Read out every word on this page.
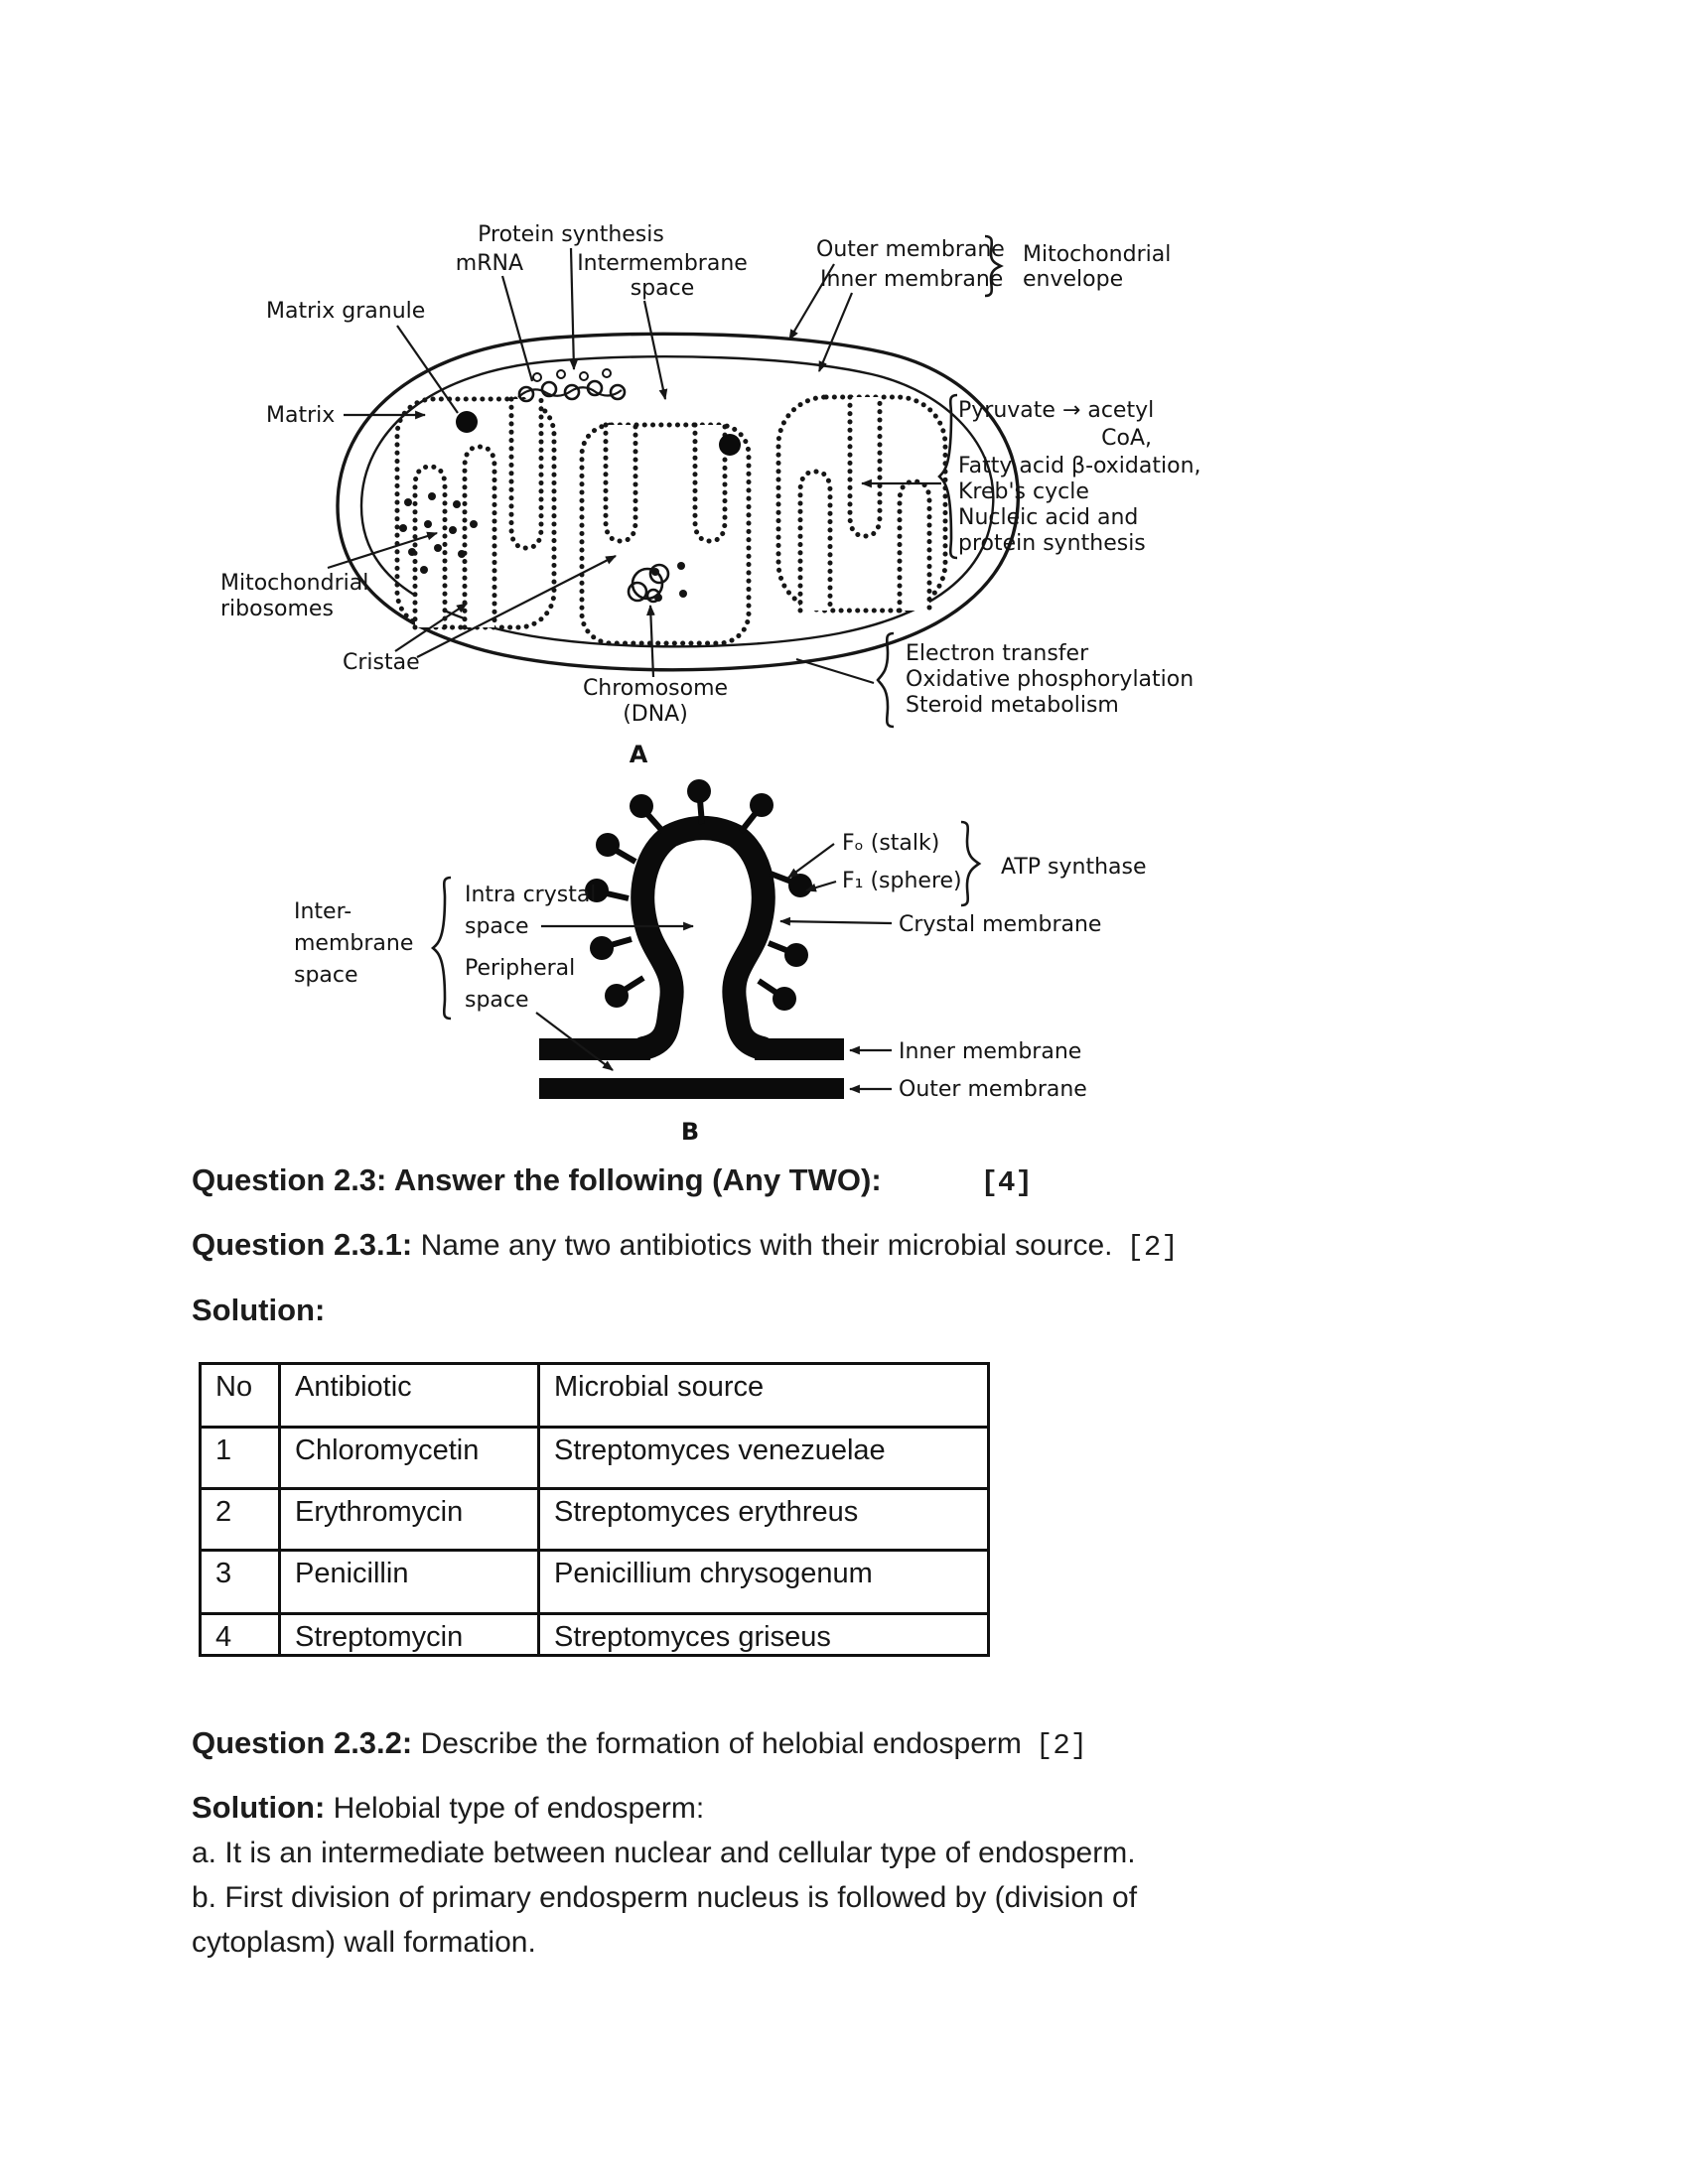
Protein synthesis
mRNA Intermembrane
space
Outer membrane
Inner membrane
Mitochondrial
envelope
Matrix granule
Matrix	Pyruvate → acetyl
CoA,
Fatty acid β-oxidation,
Kreb's cycle
Nucleic acid and
protein synthesis
Mitochondrial
ribosomes
Cristae
Chromosome
(DNA)
Electron transfer
Oxidative phosphorylation
Steroid metabolism
A
Fₒ (stalk)
F₁ (sphere)
ATP synthase
Crystal membrane
Inter-
membrane
space
Intra crystal
space
Peripheral
space
Inner membrane
Outer membrane
B
Question 2.3: Answer the following (Any TWO):	[4]
Question 2.3.1: Name any two antibiotics with their microbial source. [2]
Solution:
No	Antibiotic	Microbial source
1	Chloromycetin	Streptomyces venezuelae
2	Erythromycin	Streptomyces erythreus
3	Penicillin	Penicillium chrysogenum
4	Streptomycin	Streptomyces griseus
Question 2.3.2: Describe the formation of helobial endosperm [2]
Solution: Helobial type of endosperm:
a. It is an intermediate between nuclear and cellular type of endosperm.
b. First division of primary endosperm nucleus is followed by (division of
cytoplasm) wall formation.
